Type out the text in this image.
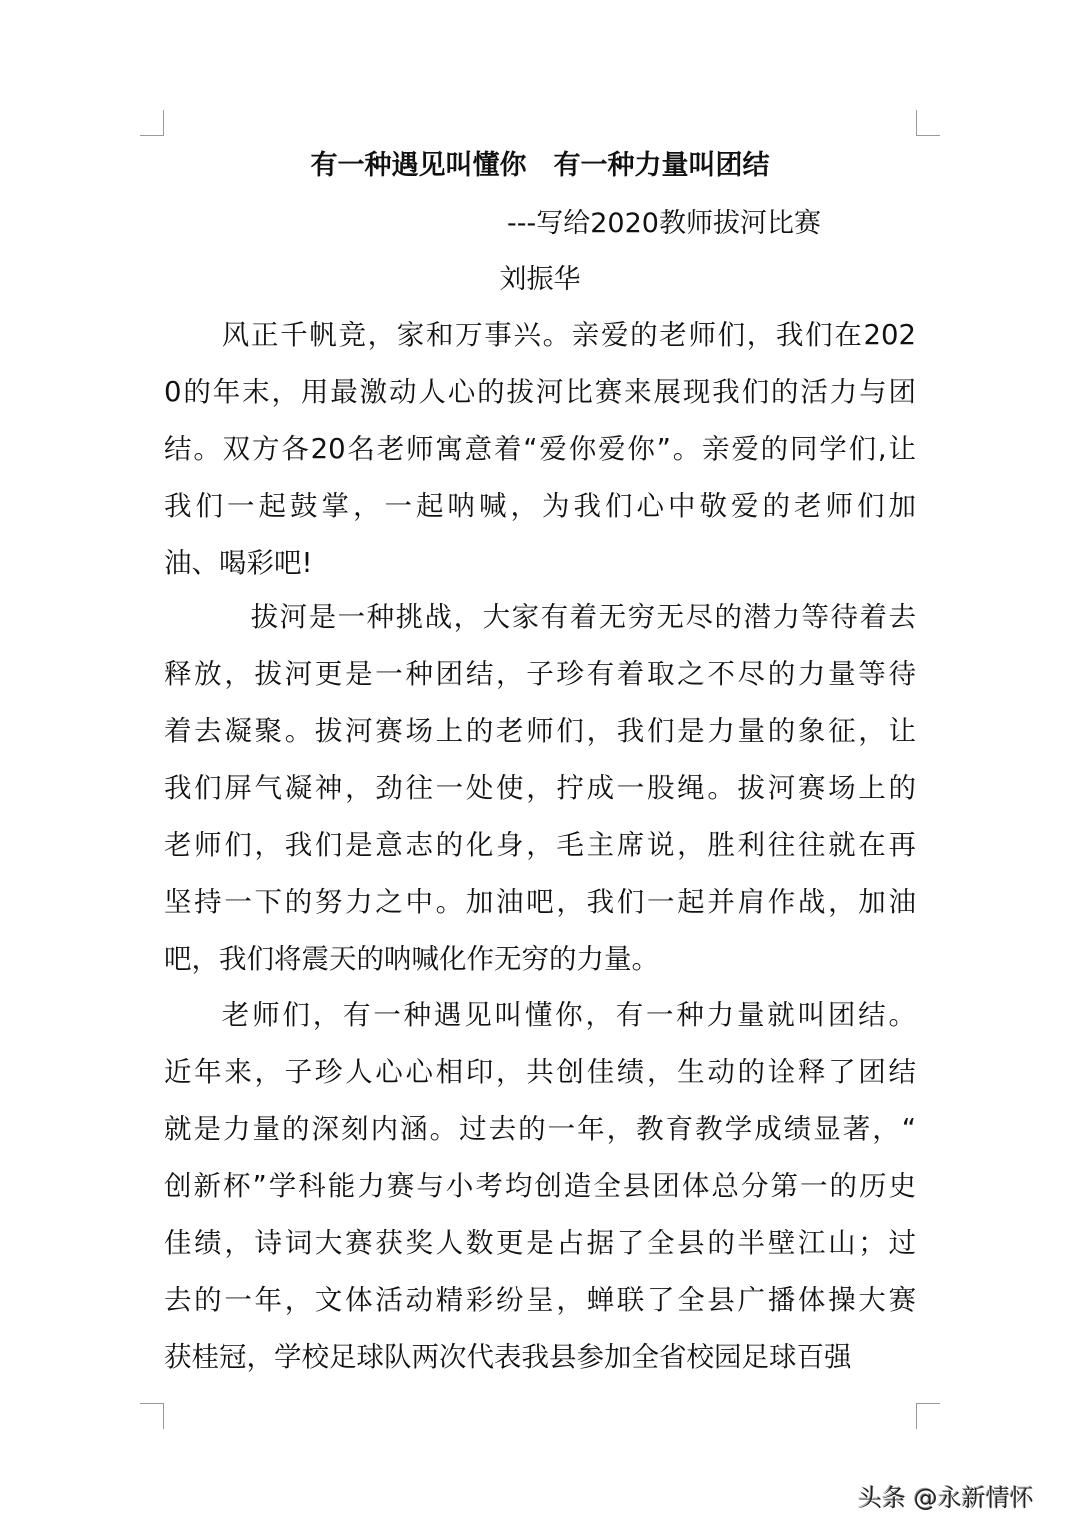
有一种遇见叫懂你　有一种力量叫团结
---写给2020教师拔河比赛
刘振华
风正千帆竞，家和万事兴。亲爱的老师们，我们在202
0的年末，用最激动人心的拔河比赛来展现我们的活力与团
结。双方各20名老师寓意着“爱你爱你”。亲爱的同学们,让
我们一起鼓掌，一起呐喊，为我们心中敬爱的老师们加
油、喝彩吧!
拔河是一种挑战，大家有着无穷无尽的潜力等待着去
释放，拔河更是一种团结，子珍有着取之不尽的力量等待
着去凝聚。拔河赛场上的老师们，我们是力量的象征，让
我们屏气凝神，劲往一处使，拧成一股绳。拔河赛场上的
老师们，我们是意志的化身，毛主席说，胜利往往就在再
坚持一下的努力之中。加油吧，我们一起并肩作战，加油
吧，我们将震天的呐喊化作无穷的力量。
老师们，有一种遇见叫懂你，有一种力量就叫团结。
近年来，子珍人心心相印，共创佳绩，生动的诠释了团结
就是力量的深刻内涵。过去的一年，教育教学成绩显著，“
创新杯”学科能力赛与小考均创造全县团体总分第一的历史
佳绩，诗词大赛获奖人数更是占据了全县的半壁江山；过
去的一年，文体活动精彩纷呈，蝉联了全县广播体操大赛
获桂冠，学校足球队两次代表我县参加全省校园足球百强
头条 @永新情怀
